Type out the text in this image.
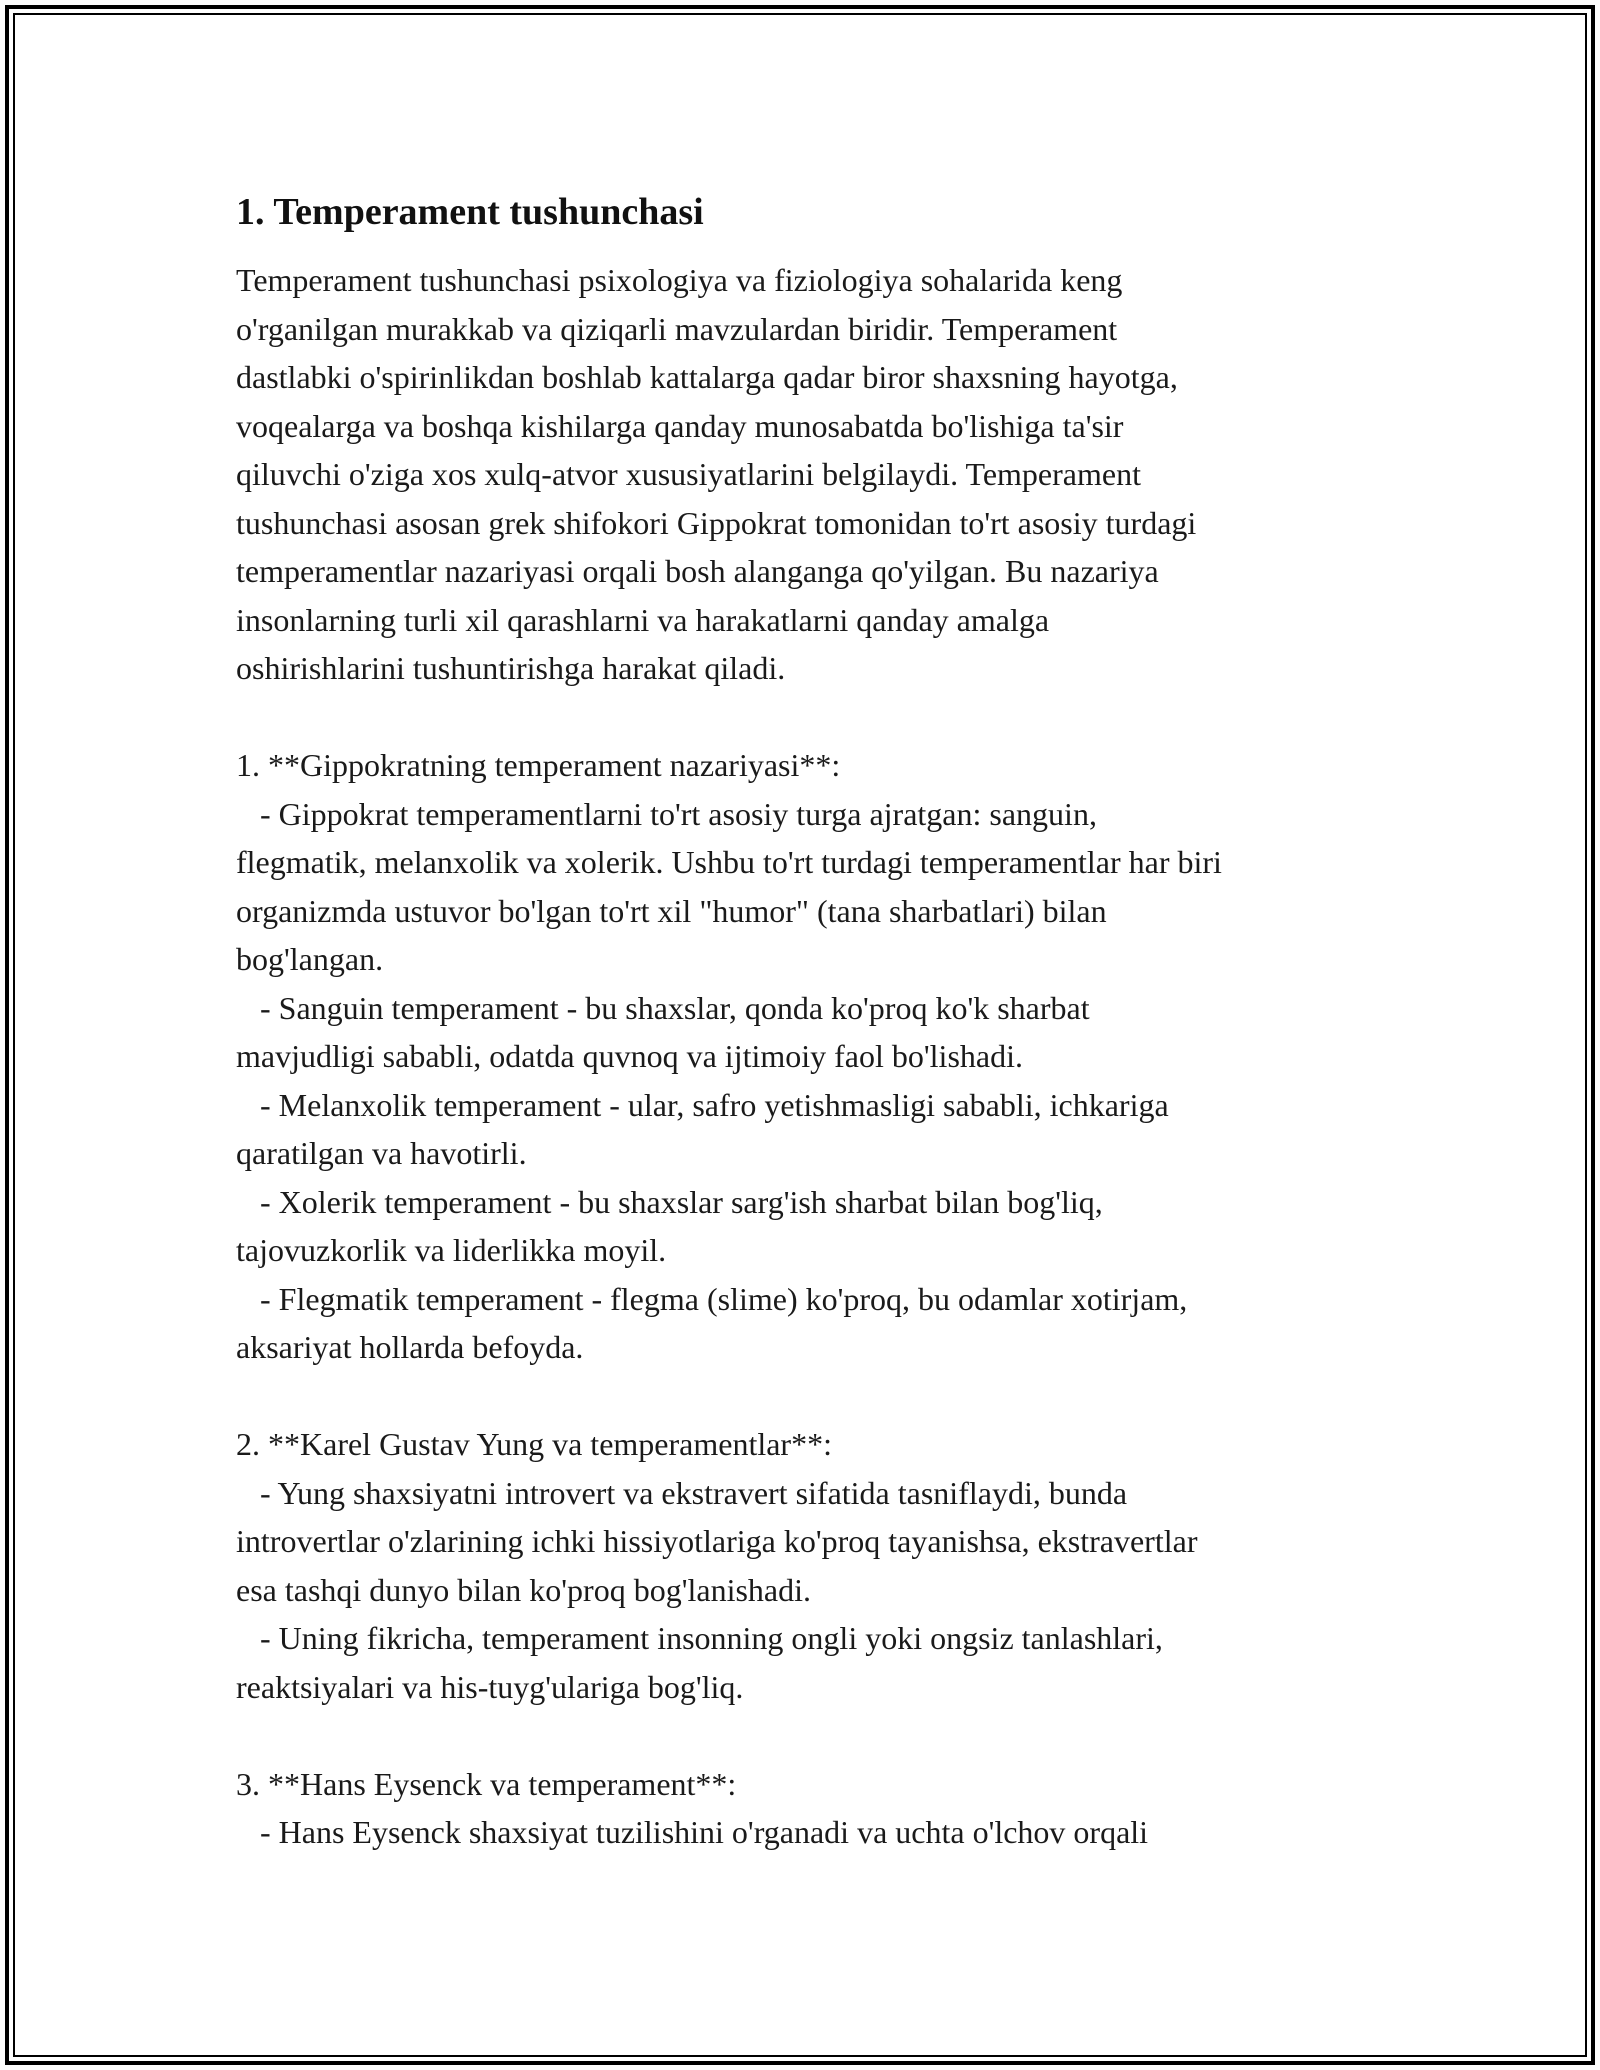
1. Temperament tushunchasi

Temperament tushunchasi psixologiya va fiziologiya sohalarida keng
o'rganilgan murakkab va qiziqarli mavzulardan biridir. Temperament
dastlabki o'spirinlikdan boshlab kattalarga qadar biror shaxsning hayotga,
voqealarga va boshqa kishilarga qanday munosabatda bo'lishiga ta'sir
qiluvchi o'ziga xos xulq-atvor xususiyatlarini belgilaydi. Temperament
tushunchasi asosan grek shifokori Gippokrat tomonidan to'rt asosiy turdagi
temperamentlar nazariyasi orqali bosh alanganga qo'yilgan. Bu nazariya
insonlarning turli xil qarashlarni va harakatlarni qanday amalga
oshirishlarini tushuntirishga harakat qiladi.

1. **Gippokratning temperament nazariyasi**:

- Gippokrat temperamentlarni to'rt asosiy turga ajratgan: sanguin,
flegmatik, melanxolik va xolerik. Ushbu to'rt turdagi temperamentlar har biri
organizmda ustuvor bo'lgan to'rt xil "humor" (tana sharbatlari) bilan
bog'langan.
- Sanguin temperament - bu shaxslar, qonda ko'proq ko'k sharbat
mavjudligi sababli, odatda quvnoq va ijtimoiy faol bo'lishadi.
- Melanxolik temperament - ular, safro yetishmasligi sababli, ichkariga
qaratilgan va havotirli.
- Xolerik temperament - bu shaxslar sarg'ish sharbat bilan bog'liq,
tajovuzkorlik va liderlikka moyil.
- Flegmatik temperament - flegma (slime) ko'proq, bu odamlar xotirjam,
aksariyat hollarda befoyda.

2. **Karel Gustav Yung va temperamentlar**:

- Yung shaxsiyatni introvert va ekstravert sifatida tasniflaydi, bunda
introvertlar o'zlarining ichki hissiyotlariga ko'proq tayanishsa, ekstravertlar
esa tashqi dunyo bilan ko'proq bog'lanishadi.
- Uning fikricha, temperament insonning ongli yoki ongsiz tanlashlari,
reaktsiyalari va his-tuyg'ulariga bog'liq.

3. **Hans Eysenck va temperament**:

- Hans Eysenck shaxsiyat tuzilishini o'rganadi va uchta o'lchov orqali
